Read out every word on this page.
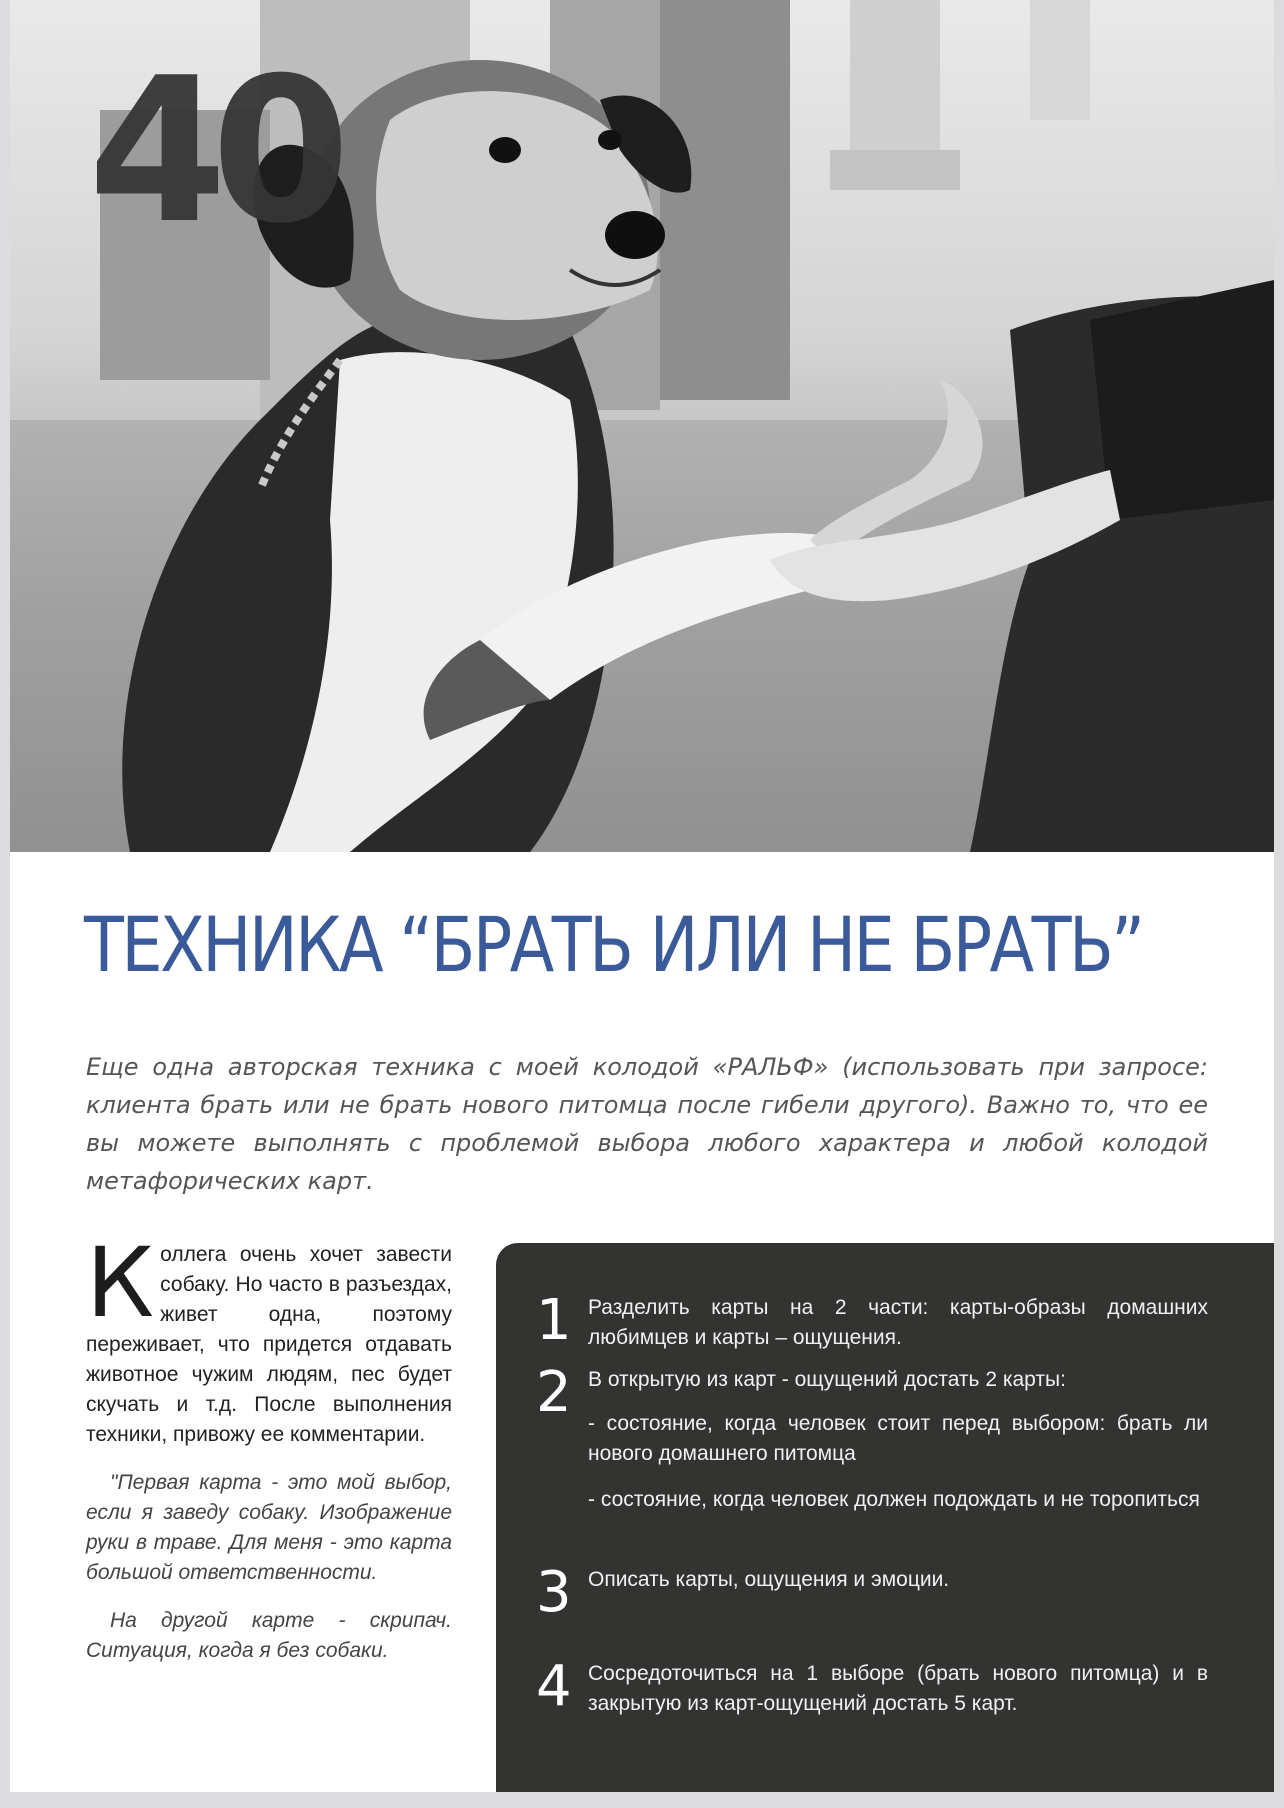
40
ТЕХНИКА “БРАТЬ ИЛИ НЕ БРАТЬ”
Еще одна авторская техника с моей колодой «РАЛЬФ» (использовать при запросе: клиента брать или не брать нового питомца после гибели другого). Важно то, что ее вы можете выполнять с проблемой выбора любого характера и любой колодой метафорических карт.

Коллега очень хочет завести собаку. Но часто в разъездах, живет одна, поэтому переживает, что придется отдавать животное чужим людям, пес будет скучать и т.д. После выполнения техники, привожу ее комментарии.

"Первая карта - это мой выбор, если я заведу собаку. Изображение руки в траве. Для меня - это карта большой ответственности.

На другой карте - скрипач. Ситуация, когда я без собаки.

1 Разделить карты на 2 части: карты-образы домашних любимцев и карты – ощущения.
2 В открытую из карт - ощущений достать 2 карты:

- состояние, когда человек стоит перед выбором: брать ли нового домашнего питомца

- состояние, когда человек должен подождать и не торопиться

3 Описать карты, ощущения и эмоции.
4 Сосредоточиться на 1 выборе (брать нового питомца) и в закрытую из карт-ощущений достать 5 карт.
